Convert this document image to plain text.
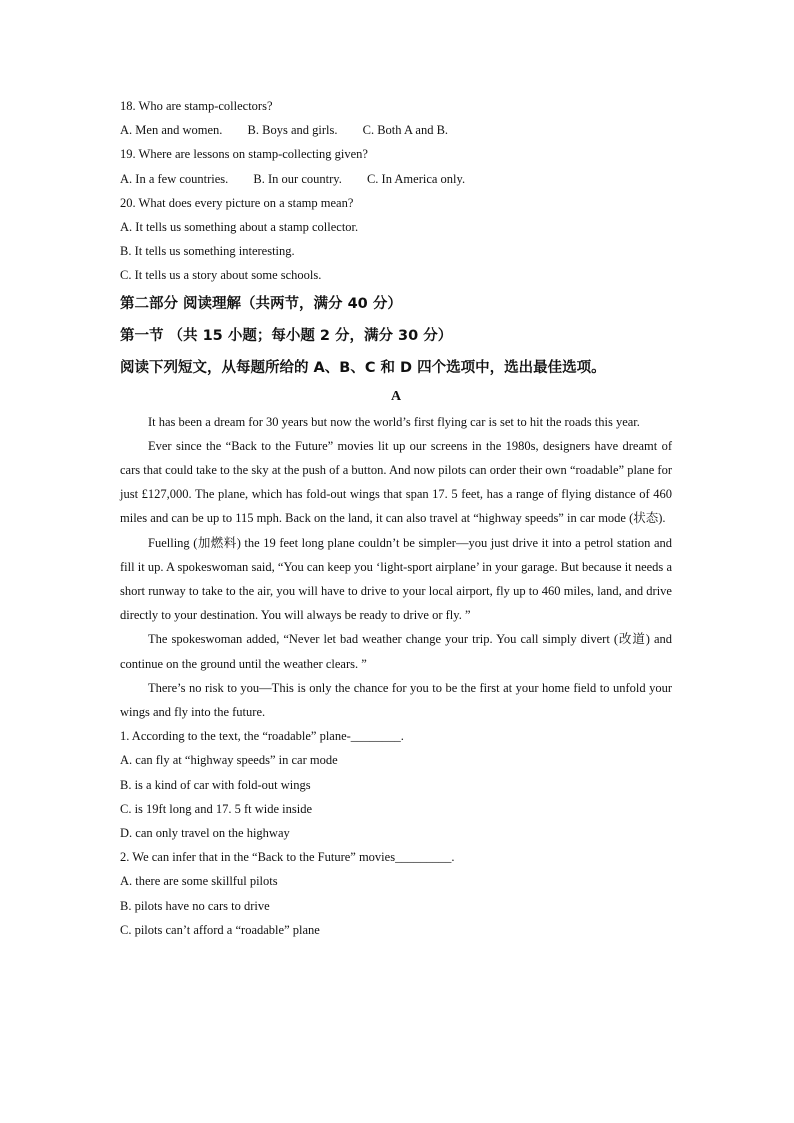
18. Who are stamp-collectors?
A. Men and women. B. Boys and girls. C. Both A and B.
19. Where are lessons on stamp-collecting given?
A. In a few countries. B. In our country. C. In America only.
20. What does every picture on a stamp mean?
A. It tells us something about a stamp collector.
B. It tells us something interesting.
C. It tells us a story about some schools.
第二部分 阅读理解（共两节，满分 40 分）
第一节 （共 15 小题；每小题 2 分，满分 30 分）
阅读下列短文，从每题所给的 A、B、C 和 D 四个选项中，选出最佳选项。
A

It has been a dream for 30 years but now the world’s first flying car is set to hit the roads this year.

Ever since the “Back to the Future” movies lit up our screens in the 1980s, designers have dreamt of cars that could take to the sky at the push of a button. And now pilots can order their own “roadable” plane for just £127,000. The plane, which has fold-out wings that span 17. 5 feet, has a range of flying distance of 460 miles and can be up to 115 mph. Back on the land, it can also travel at “highway speeds” in car mode (状态).

Fuelling (加燃料) the 19 feet long plane couldn’t be simpler—you just drive it into a petrol station and fill it up. A spokeswoman said, “You can keep you ‘light-sport airplane’ in your garage. But because it needs a short runway to take to the air, you will have to drive to your local airport, fly up to 460 miles, land, and drive directly to your destination. You will always be ready to drive or fly. ”

The spokeswoman added, “Never let bad weather change your trip. You call simply divert (改道) and continue on the ground until the weather clears. ”

There’s no risk to you—This is only the chance for you to be the first at your home field to unfold your wings and fly into the future.

1. According to the text, the “roadable” plane-________.
A. can fly at “highway speeds” in car mode
B. is a kind of car with fold-out wings
C. is 19ft long and 17. 5 ft wide inside
D. can only travel on the highway
2. We can infer that in the “Back to the Future” movies_________.
A. there are some skillful pilots
B. pilots have no cars to drive
C. pilots can’t afford a “roadable” plane
